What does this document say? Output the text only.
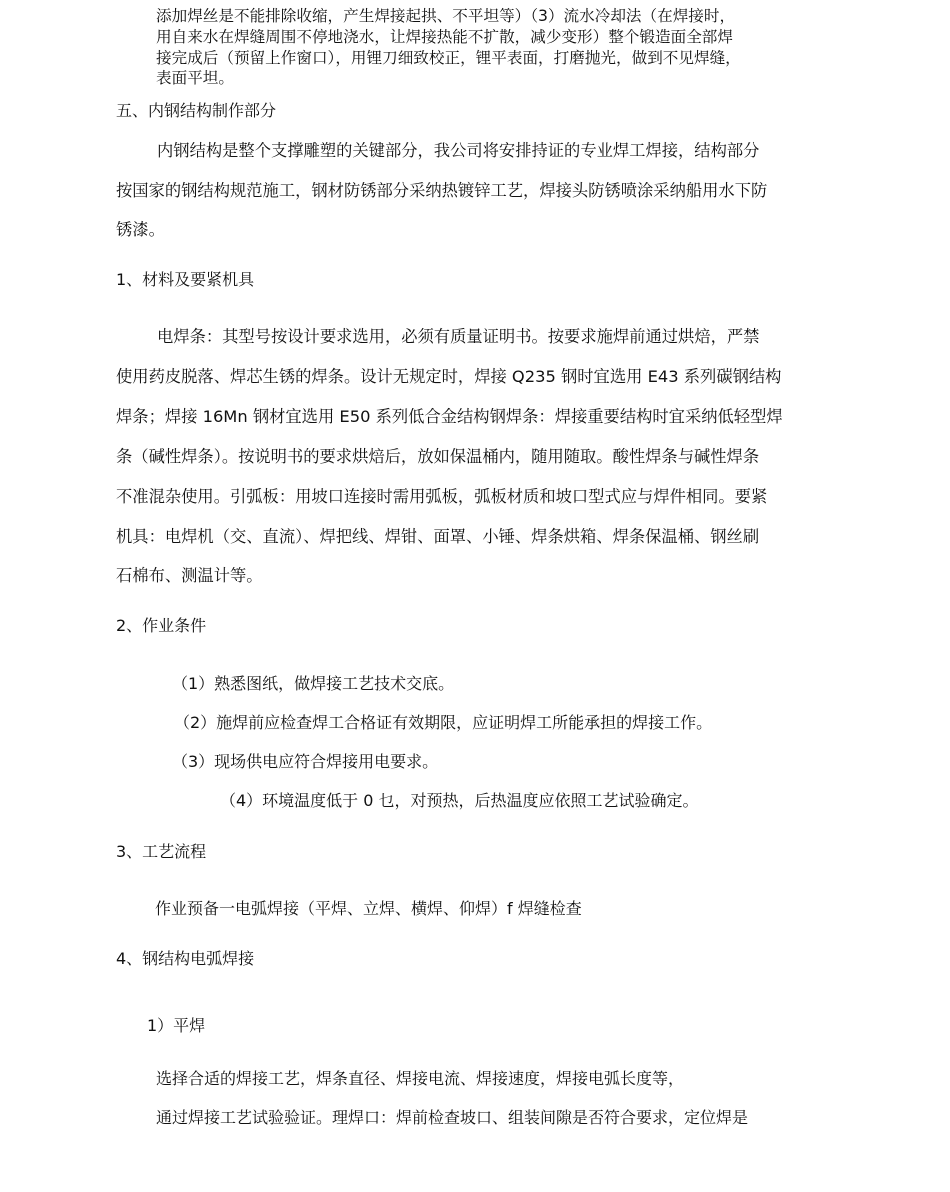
添加焊丝是不能排除收缩，产生焊接起拱、不平坦等）（3）流水冷却法（在焊接时，
用自来水在焊缝周围不停地浇水，让焊接热能不扩散，减少变形）整个锻造面全部焊
接完成后（预留上作窗口），用锂刀细致校正，锂平表面，打磨抛光，做到不见焊缝，
表面平坦。
五、内钢结构制作部分
内钢结构是整个支撑雕塑的关键部分，我公司将安排持证的专业焊工焊接，结构部分
按国家的钢结构规范施工，钢材防锈部分采纳热镀锌工艺，焊接头防锈喷涂采纳船用水下防
锈漆。
1、材料及要紧机具
电焊条：其型号按设计要求选用，必须有质量证明书。按要求施焊前通过烘焙，严禁
使用药皮脱落、焊芯生锈的焊条。设计无规定时，焊接 Q235 钢时宜选用 E43 系列碳钢结构
焊条；焊接 16Mn 钢材宜选用 E50 系列低合金结构钢焊条：焊接重要结构时宜采纳低轻型焊
条（碱性焊条）。按说明书的要求烘焙后，放如保温桶内，随用随取。酸性焊条与碱性焊条
不准混杂使用。引弧板：用坡口连接时需用弧板，弧板材质和坡口型式应与焊件相同。要紧
机具：电焊机（交、直流）、焊把线、焊钳、面罩、小锤、焊条烘箱、焊条保温桶、钢丝刷
石棉布、测温计等。
2、作业条件
（1）熟悉图纸，做焊接工艺技术交底。
（2）施焊前应检查焊工合格证有效期限，应证明焊工所能承担的焊接工作。
（3）现场供电应符合焊接用电要求。
（4）环境温度低于 0 乜，对预热，后热温度应依照工艺试验确定。
3、工艺流程
作业预备一电弧焊接（平焊、立焊、横焊、仰焊）f 焊缝检查
4、钢结构电弧焊接
1）平焊
选择合适的焊接工艺，焊条直径、焊接电流、焊接速度，焊接电弧长度等，
通过焊接工艺试验验证。理焊口：焊前检查坡口、组装间隙是否符合要求，定位焊是
